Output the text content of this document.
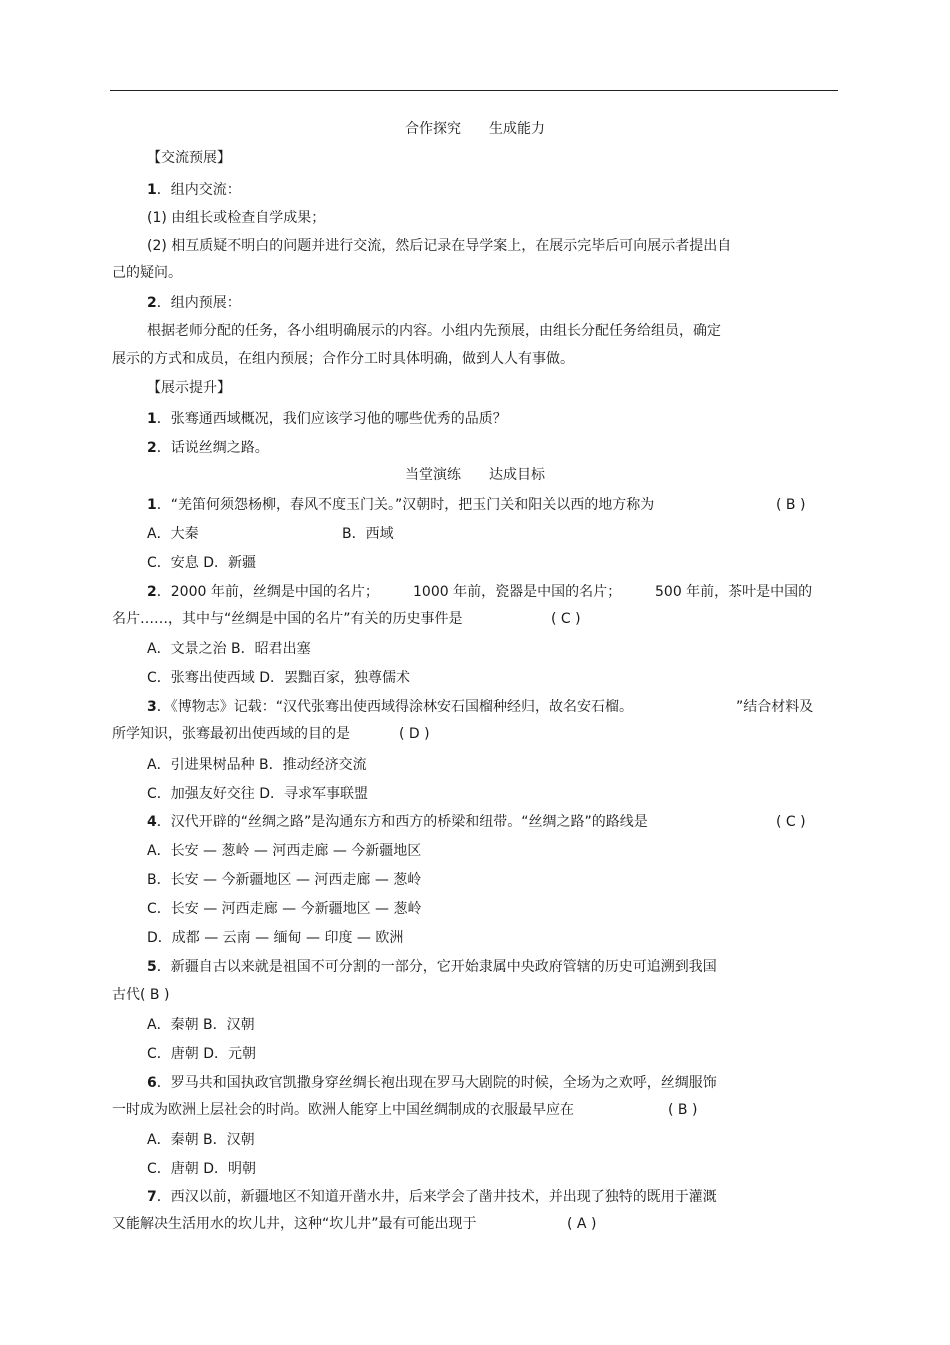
合作探究 生成能力
【交流预展】
1．组内交流：
(1) 由组长或检查自学成果；
(2) 相互质疑不明白的问题并进行交流，然后记录在导学案上，在展示完毕后可向展示者提出自
己的疑问。
2．组内预展：
根据老师分配的任务，各小组明确展示的内容。小组内先预展，由组长分配任务给组员，确定
展示的方式和成员，在组内预展；合作分工时具体明确，做到人人有事做。
【展示提升】
1．张骞通西域概况，我们应该学习他的哪些优秀的品质？
2．话说丝绸之路。
当堂演练 达成目标
1．“羌笛何须怨杨柳，春风不度玉门关。”汉朝时，把玉门关和阳关以西的地方称为	( B )
A．大秦	B．西域
C．安息 D．新疆
2．2000 年前，丝绸是中国的名片； 1000 年前，瓷器是中国的名片； 500 年前，茶叶是中国的
名片……，其中与“丝绸是中国的名片”有关的历史事件是	( C )
A．文景之治 B．昭君出塞
C．张骞出使西域 D．罢黜百家，独尊儒术
3．《博物志》记载：“汉代张骞出使西域得涂林安石国榴种经归，故名安石榴。	”结合材料及
所学知识，张骞最初出使西域的目的是	( D )
A．引进果树品种 B．推动经济交流
C．加强友好交往 D．寻求军事联盟
4．汉代开辟的“丝绸之路”是沟通东方和西方的桥梁和纽带。“丝绸之路”的路线是	( C )
A．长安 — 葱岭 — 河西走廊 — 今新疆地区
B．长安 — 今新疆地区 — 河西走廊 — 葱岭
C．长安 — 河西走廊 — 今新疆地区 — 葱岭
D．成都 — 云南 — 缅甸 — 印度 — 欧洲
5．新疆自古以来就是祖国不可分割的一部分，它开始隶属中央政府管辖的历史可追溯到我国
古代( B )
A．秦朝 B．汉朝
C．唐朝 D．元朝
6．罗马共和国执政官凯撒身穿丝绸长袍出现在罗马大剧院的时候，全场为之欢呼，丝绸服饰
一时成为欧洲上层社会的时尚。欧洲人能穿上中国丝绸制成的衣服最早应在	( B )
A．秦朝 B．汉朝
C．唐朝 D．明朝
7．西汉以前，新疆地区不知道开凿水井，后来学会了凿井技术，并出现了独特的既用于灌溉
又能解决生活用水的坎儿井，这种“坎儿井”最有可能出现于	( A )
